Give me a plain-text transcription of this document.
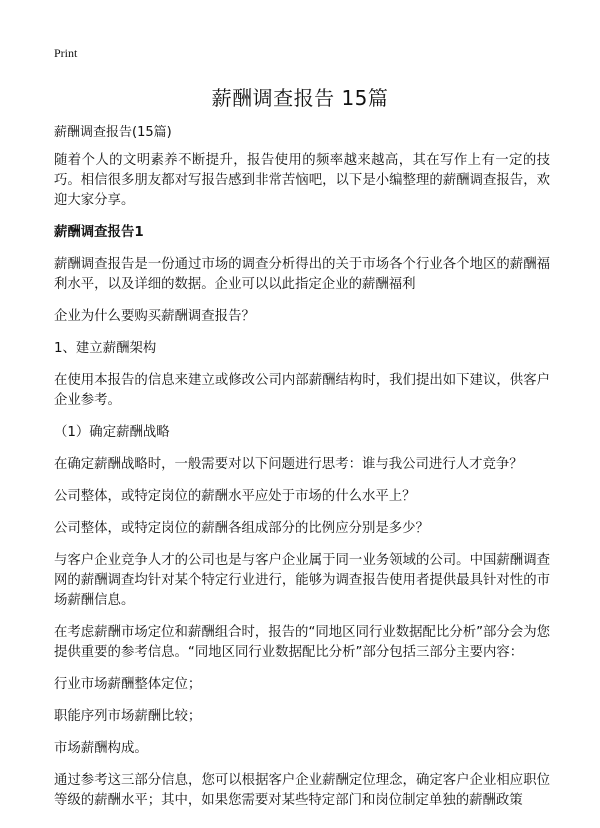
Print
薪酬调查报告 15篇
薪酬调查报告(15篇)

随着个人的文明素养不断提升，报告使用的频率越来越高，其在写作上有一定的技巧。相信很多朋友都对写报告感到非常苦恼吧，以下是小编整理的薪酬调查报告，欢迎大家分享。

薪酬调查报告1

薪酬调查报告是一份通过市场的调查分析得出的关于市场各个行业各个地区的薪酬福利水平，以及详细的数据。企业可以以此指定企业的薪酬福利

企业为什么要购买薪酬调查报告？

1、建立薪酬架构

在使用本报告的信息来建立或修改公司内部薪酬结构时，我们提出如下建议，供客户企业参考。

（1）确定薪酬战略

在确定薪酬战略时，一般需要对以下问题进行思考：谁与我公司进行人才竞争？

公司整体，或特定岗位的薪酬水平应处于市场的什么水平上？

公司整体，或特定岗位的薪酬各组成部分的比例应分别是多少？

与客户企业竞争人才的公司也是与客户企业属于同一业务领域的公司。中国薪酬调查网的薪酬调查均针对某个特定行业进行，能够为调查报告使用者提供最具针对性的市场薪酬信息。

在考虑薪酬市场定位和薪酬组合时，报告的“同地区同行业数据配比分析”部分会为您提供重要的参考信息。“同地区同行业数据配比分析”部分包括三部分主要内容：

行业市场薪酬整体定位；

职能序列市场薪酬比较；

市场薪酬构成。

通过参考这三部分信息，您可以根据客户企业薪酬定位理念，确定客户企业相应职位等级的薪酬水平；其中，如果您需要对某些特定部门和岗位制定单独的薪酬政策
